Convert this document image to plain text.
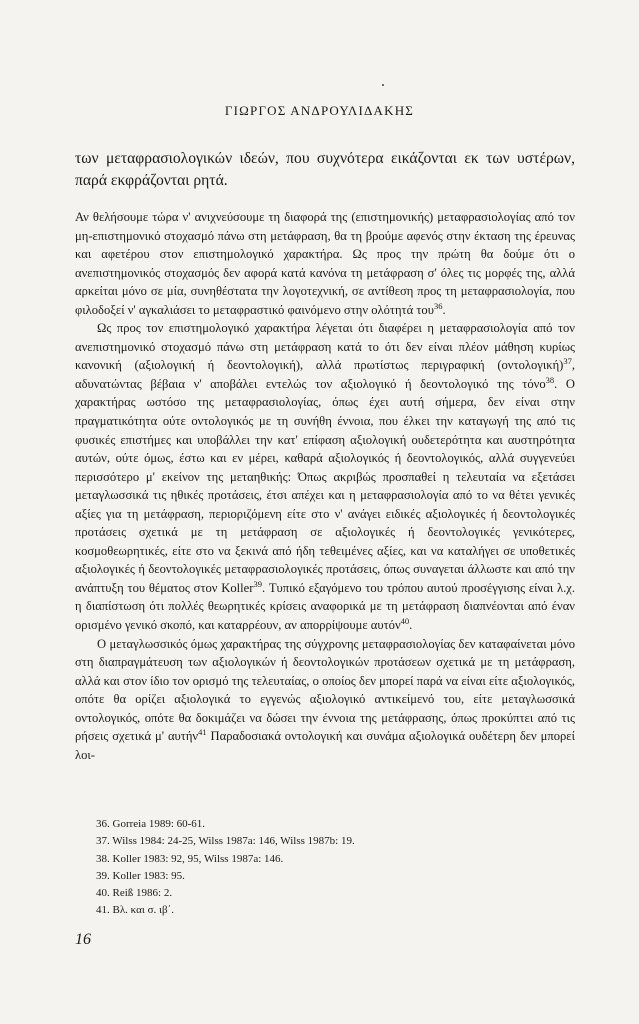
ΓΙΩΡΓΟΣ ΑΝΔΡΟΥΛΙΔΑΚΗΣ
των μεταφρασιολογικών ιδεών, που συχνότερα εικάζονται εκ των υστέρων, παρά εκφράζονται ρητά.

Αν θελήσουμε τώρα ν' ανιχνεύσουμε τη διαφορά της (επιστημονικής) μεταφρασιολογίας από τον μη-επιστημονικό στοχασμό πάνω στη μετάφραση, θα τη βρούμε αφενός στην έκταση της έρευνας και αφετέρου στον επιστημολογικό χαρακτήρα. Ως προς την πρώτη θα δούμε ότι ο ανεπιστημονικός στοχασμός δεν αφορά κατά κανόνα τη μετάφραση σ' όλες τις μορφές της, αλλά αρκείται μόνο σε μία, συνηθέστατα την λογοτεχνική, σε αντίθεση προς τη μεταφρασιολογία, που φιλοδοξεί ν' αγκαλιάσει το μεταφραστικό φαινόμενο στην ολότητά του$^{36}$.

Ως προς τον επιστημολογικό χαρακτήρα λέγεται ότι διαφέρει η μεταφρασιολογία από τον ανεπιστημονικό στοχασμό πάνω στη μετάφραση κατά το ότι δεν είναι πλέον μάθηση κυρίως κανονική (αξιολογική ή δεοντολογική), αλλά πρωτίστως περιγραφική $(o\nu\tau o\lambda o\gamma\iota\kappa ή)^{37}$, αδυνατώντας βέβαια ν' αποβάλει εντελώς τον αξιολογικό ή δεοντολογικό της τόνο$^{38}$. Ο χαρακτήρας ωστόσο της μεταφρασιολογίας, όπως έχει αυτή σήμερα, δεν είναι στην πραγματικότητα ούτε οντολογικός με τη συνήθη έννοια, που έλκει την καταγωγή της από τις φυσικές επιστήμες και υποβάλλει την κατ' επίφαση αξιολογική ουδετερότητα και αυστηρότητα αυτών, ούτε όμως, έστω και εν μέρει, καθαρά αξιολογικός ή δεοντολογικός, αλλά συγγενεύει περισσότερο μ' εκείνον της μεταηθικής: Όπως ακριβώς προσπαθεί η τελευταία να εξετάσει μεταγλωσσικά τις ηθικές προτάσεις, έτσι απέχει και η μεταφρασιολογία από το να θέτει γενικές αξίες για τη μετάφραση, περιοριζόμενη είτε στο ν' ανάγει ειδικές αξιολογικές ή δεοντολογικές προτάσεις σχετικά με τη μετάφραση σε αξιολογικές ή δεοντολογικές γενικότερες, κοσμοθεωρητικές, είτε στο να ξεκινά από ήδη τεθειμένες αξίες, και να καταλήγει σε υποθετικές αξιολογικές ή δεοντολογικές μεταφρασιολογικές προτάσεις, όπως συναγεται άλλωστε και από την ανάπτυξη του θέματος στον Koller$^{39}$. Τυπικό εξαγόμενο του τρόπου αυτού προσέγγισης είναι λ.χ. η διαπίστωση ότι πολλές θεωρητικές κρίσεις αναφορικά με τη μετάφραση διαπνέονται από έναν ορισμένο γενικό σκοπό, και καταρρέουν, αν απορρίψουμε αυτόν$^{40}$.

Ο μεταγλωσσικός όμως χαρακτήρας της σύγχρονης μεταφρασιολογίας δεν καταφαίνεται μόνο στη διαπραγμάτευση των αξιολογικών ή δεοντολογικών προτάσεων σχετικά με τη μετάφραση, αλλά και στον ίδιο τον ορισμό της τελευταίας, ο οποίος δεν μπορεί παρά να είναι είτε αξιολογικός, οπότε θα ορίζει αξιολογικά το εγγενώς αξιολογικό αντικείμενό του, είτε μεταγλωσσικά οντολογικός, οπότε θα δοκιμάζει να δώσει την έννοια της μετάφρασης, όπως προκύπτει από τις ρήσεις σχετικά μ' αυτήν$^{41}$ Παραδοσιακά οντολογική και συνάμα αξιολογικά ουδέτερη δεν μπορεί λοι-

36. Gorreia 1989: 60-61.
37. Wilss 1984: 24-25, Wilss 1987a: 146, Wilss 1987b: 19.
38. Koller 1983: 92, 95, Wilss 1987a: 146.
39. Koller 1983: 95.
40. Reiß 1986: 2.
41. Βλ. και σ. ιβ΄.
16
